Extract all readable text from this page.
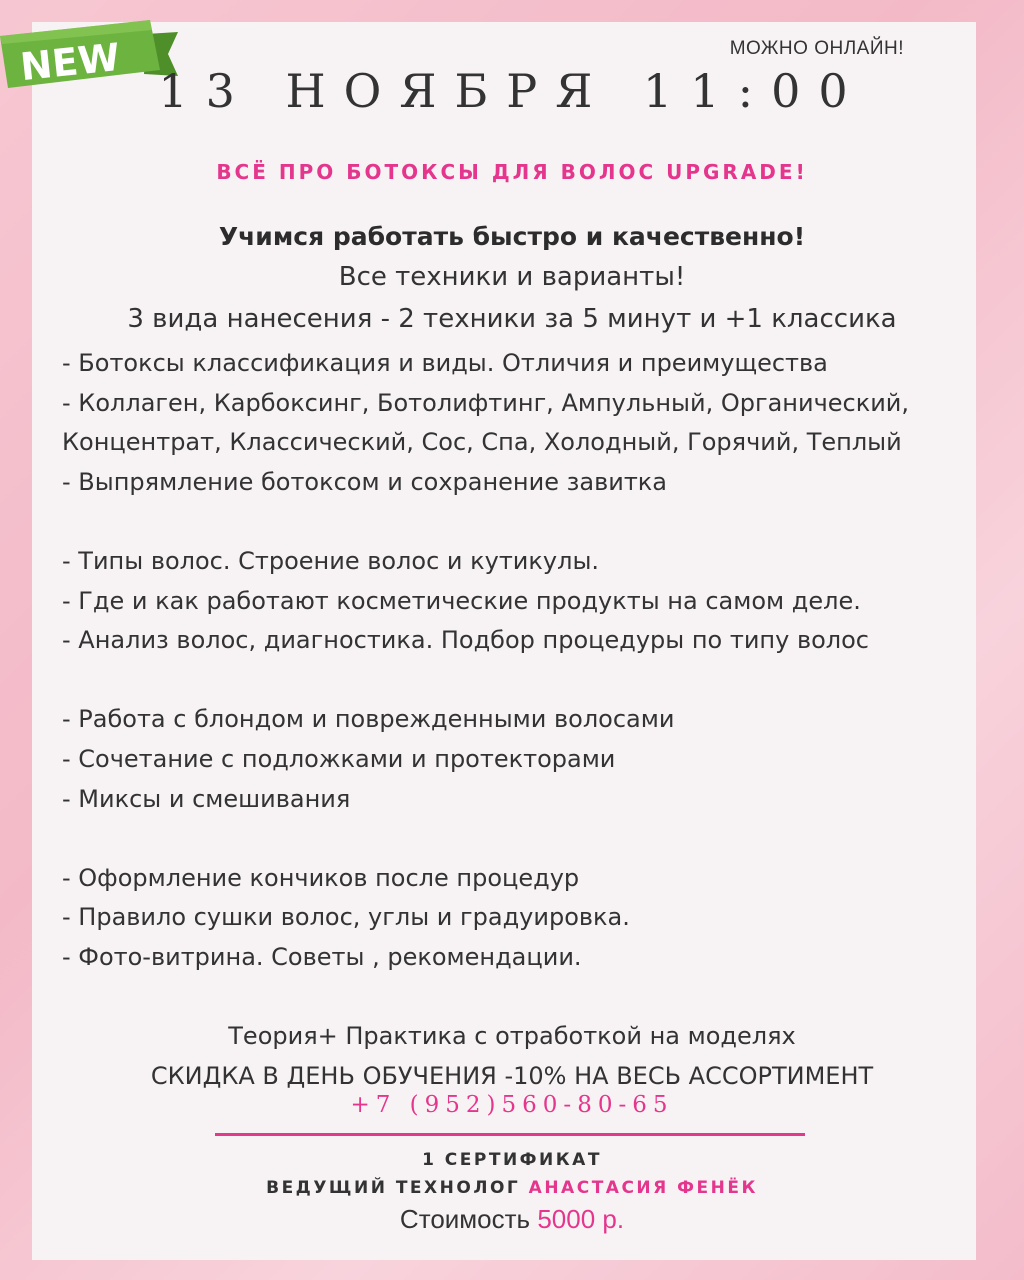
NEW	МОЖНО ОНЛАЙН!
13 НОЯБРЯ 11:00
ВСЁ ПРО БОТОКСЫ ДЛЯ ВОЛОС UPGRADE!
Учимся работать быстро и качественно!
Все техники и варианты!
3 вида нанесения - 2 техники за 5 минут и +1 классика
- Ботоксы классификация и виды. Отличия и преимущества
- Коллаген, Карбоксинг, Ботолифтинг, Ампульный, Органический,
Концентрат, Классический, Сос, Спа, Холодный, Горячий, Теплый
- Выпрямление ботоксом и сохранение завитка
- Типы волос. Строение волос и кутикулы.
- Где и как работают косметические продукты на самом деле.
- Анализ волос, диагностика. Подбор процедуры по типу волос
- Работа с блондом и поврежденными волосами
- Сочетание с подложками и протекторами
- Миксы и смешивания
- Оформление кончиков после процедур
- Правило сушки волос, углы и градуировка.
- Фото-витрина. Советы , рекомендации.
Теория+ Практика с отработкой на моделях
СКИДКА В ДЕНЬ ОБУЧЕНИЯ -10% НА ВЕСЬ АССОРТИМЕНТ
+7 (952)560-80-65
1 СЕРТИФИКАТ
ВЕДУЩИЙ ТЕХНОЛОГ АНАСТАСИЯ ФЕНЁК
Стоимость 5000 р.
